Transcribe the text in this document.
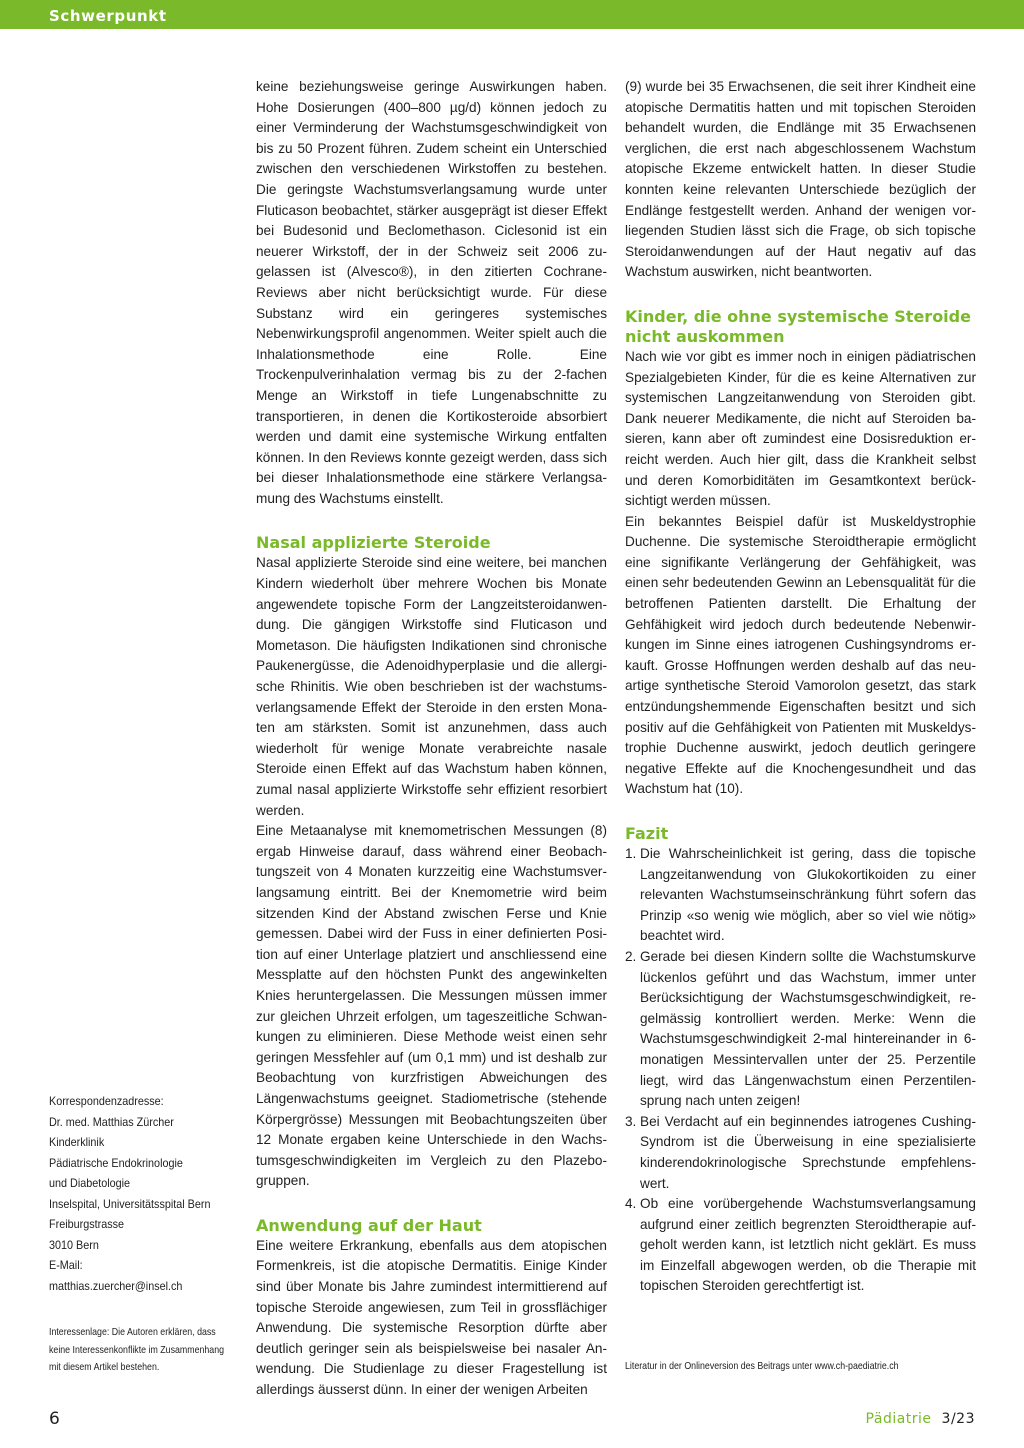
Schwerpunkt
Korrespondenzadresse:
Dr. med. Matthias Zürcher
Kinderklinik
Pädiatrische Endokrinologie
und Diabetologie
Inselspital, Universitätsspital Bern
Freiburgstrasse
3010 Bern
E-Mail:
matthias.zuercher@insel.ch
Interessenlage: Die Autoren erklären, dass
keine Interessenkonflikte im Zusammenhang
mit diesem Artikel bestehen.

keine beziehungsweise geringe Auswirkungen haben. Hohe Dosierungen (400–800 µg/d) können jedoch zu einer Verminderung der Wachstumsgeschwindigkeit von bis zu 50 Prozent führen. Zudem scheint ein Unterschied zwischen den verschiedenen Wirkstoffen zu bestehen. Die geringste Wachstumsverlangsamung wurde unter Fluticason beobachtet, stärker ausgeprägt ist dieser Effekt bei Budesonid und Beclomethason. Ciclesonid ist ein neuerer Wirkstoff, der in der Schweiz seit 2006 zugelassen ist (Alvesco®), in den zitierten Cochrane-Reviews aber nicht berücksichtigt wurde. Für diese Substanz wird ein geringeres systemisches Nebenwirkungsprofil angenommen. Weiter spielt auch die Inhalationsmethode eine Rolle. Eine Trockenpulverinhalation vermag bis zu der 2-fachen Menge an Wirkstoff in tiefe Lungenabschnitte zu transportieren, in denen die Kortikosteroide absorbiert werden und damit eine systemische Wirkung entfalten können. In den Reviews konnte gezeigt werden, dass sich bei dieser Inhalationsmethode eine stärkere Verlangsamung des Wachstums einstellt.

Nasal applizierte Steroide

Nasal applizierte Steroide sind eine weitere, bei manchen Kindern wiederholt über mehrere Wochen bis Monate angewendete topische Form der Langzeitsteroidanwendung. Die gängigen Wirkstoffe sind Fluticason und Mometason. Die häufigsten Indikationen sind chronische Paukenergüsse, die Adenoidhyperplasie und die allergische Rhinitis. Wie oben beschrieben ist der wachstumsverlangsamende Effekt der Steroide in den ersten Monaten am stärksten. Somit ist anzunehmen, dass auch wiederholt für wenige Monate verabreichte nasale Steroide einen Effekt auf das Wachstum haben können, zumal nasal applizierte Wirkstoffe sehr effizient resorbiert werden.

Eine Metaanalyse mit knemometrischen Messungen (8) ergab Hinweise darauf, dass während einer Beobachtungszeit von 4 Monaten kurzzeitig eine Wachstumsverlangsamung eintritt. Bei der Knemometrie wird beim sitzenden Kind der Abstand zwischen Ferse und Knie gemessen. Dabei wird der Fuss in einer definierten Position auf einer Unterlage platziert und anschliessend eine Messplatte auf den höchsten Punkt des angewinkelten Knies heruntergelassen. Die Messungen müssen immer zur gleichen Uhrzeit erfolgen, um tageszeitliche Schwankungen zu eliminieren. Diese Methode weist einen sehr geringen Messfehler auf (um 0,1 mm) und ist deshalb zur Beobachtung von kurzfristigen Abweichungen des Längenwachstums geeignet. Stadiometrische (stehende Körpergrösse) Messungen mit Beobachtungszeiten über 12 Monate ergaben keine Unterschiede in den Wachstumsgeschwindigkeiten im Vergleich zu den Plazebogruppen.

Anwendung auf der Haut

Eine weitere Erkrankung, ebenfalls aus dem atopischen Formenkreis, ist die atopische Dermatitis. Einige Kinder sind über Monate bis Jahre zumindest intermittierend auf topische Steroide angewiesen, zum Teil in grossflächiger Anwendung. Die systemische Resorption dürfte aber deutlich geringer sein als beispielsweise bei nasaler Anwendung. Die Studienlage zu dieser Fragestellung ist allerdings äusserst dünn. In einer der wenigen Arbeiten

(9) wurde bei 35 Erwachsenen, die seit ihrer Kindheit eine atopische Dermatitis hatten und mit topischen Steroiden behandelt wurden, die Endlänge mit 35 Erwachsenen verglichen, die erst nach abgeschlossenem Wachstum atopische Ekzeme entwickelt hatten. In dieser Studie konnten keine relevanten Unterschiede bezüglich der Endlänge festgestellt werden. Anhand der wenigen vorliegenden Studien lässt sich die Frage, ob sich topische Steroidanwendungen auf der Haut negativ auf das Wachstum auswirken, nicht beantworten.

Kinder, die ohne systemische Steroide nicht auskommen

Nach wie vor gibt es immer noch in einigen pädiatrischen Spezialgebieten Kinder, für die es keine Alternativen zur systemischen Langzeitanwendung von Steroiden gibt. Dank neuerer Medikamente, die nicht auf Steroiden basieren, kann aber oft zumindest eine Dosisreduktion erreicht werden. Auch hier gilt, dass die Krankheit selbst und deren Komorbiditäten im Gesamtkontext berücksichtigt werden müssen.

Ein bekanntes Beispiel dafür ist Muskeldystrophie Duchenne. Die systemische Steroidtherapie ermöglicht eine signifikante Verlängerung der Gehfähigkeit, was einen sehr bedeutenden Gewinn an Lebensqualität für die betroffenen Patienten darstellt. Die Erhaltung der Gehfähigkeit wird jedoch durch bedeutende Nebenwirkungen im Sinne eines iatrogenen Cushingsyndroms erkauft. Grosse Hoffnungen werden deshalb auf das neuartige synthetische Steroid Vamorolon gesetzt, das stark entzündungshemmende Eigenschaften besitzt und sich positiv auf die Gehfähigkeit von Patienten mit Muskeldystrophie Duchenne auswirkt, jedoch deutlich geringere negative Effekte auf die Knochengesundheit und das Wachstum hat (10).

Fazit
1. Die Wahrscheinlichkeit ist gering, dass die topische Langzeitanwendung von Glukokortikoiden zu einer relevanten Wachstumseinschränkung führt sofern das Prinzip «so wenig wie möglich, aber so viel wie nötig» beachtet wird.
2. Gerade bei diesen Kindern sollte die Wachstumskurve lückenlos geführt und das Wachstum, immer unter Berücksichtigung der Wachstumsgeschwindigkeit, regelmässig kontrolliert werden. Merke: Wenn die Wachstumsgeschwindigkeit 2-mal hintereinander in 6-monatigen Messintervallen unter der 25. Perzentile liegt, wird das Längenwachstum einen Perzentilensprung nach unten zeigen!
3. Bei Verdacht auf ein beginnendes iatrogenes Cushing-Syndrom ist die Überweisung in eine spezialisierte kinderendokrinologische Sprechstunde empfehlenswert.
4. Ob eine vorübergehende Wachstumsverlangsamung aufgrund einer zeitlich begrenzten Steroidtherapie aufgeholt werden kann, ist letztlich nicht geklärt. Es muss im Einzelfall abgewogen werden, ob die Therapie mit topischen Steroiden gerechtfertigt ist.
Literatur in der Onlineversion des Beitrags unter www.ch-paediatrie.ch
6	Pädiatrie 3/23
